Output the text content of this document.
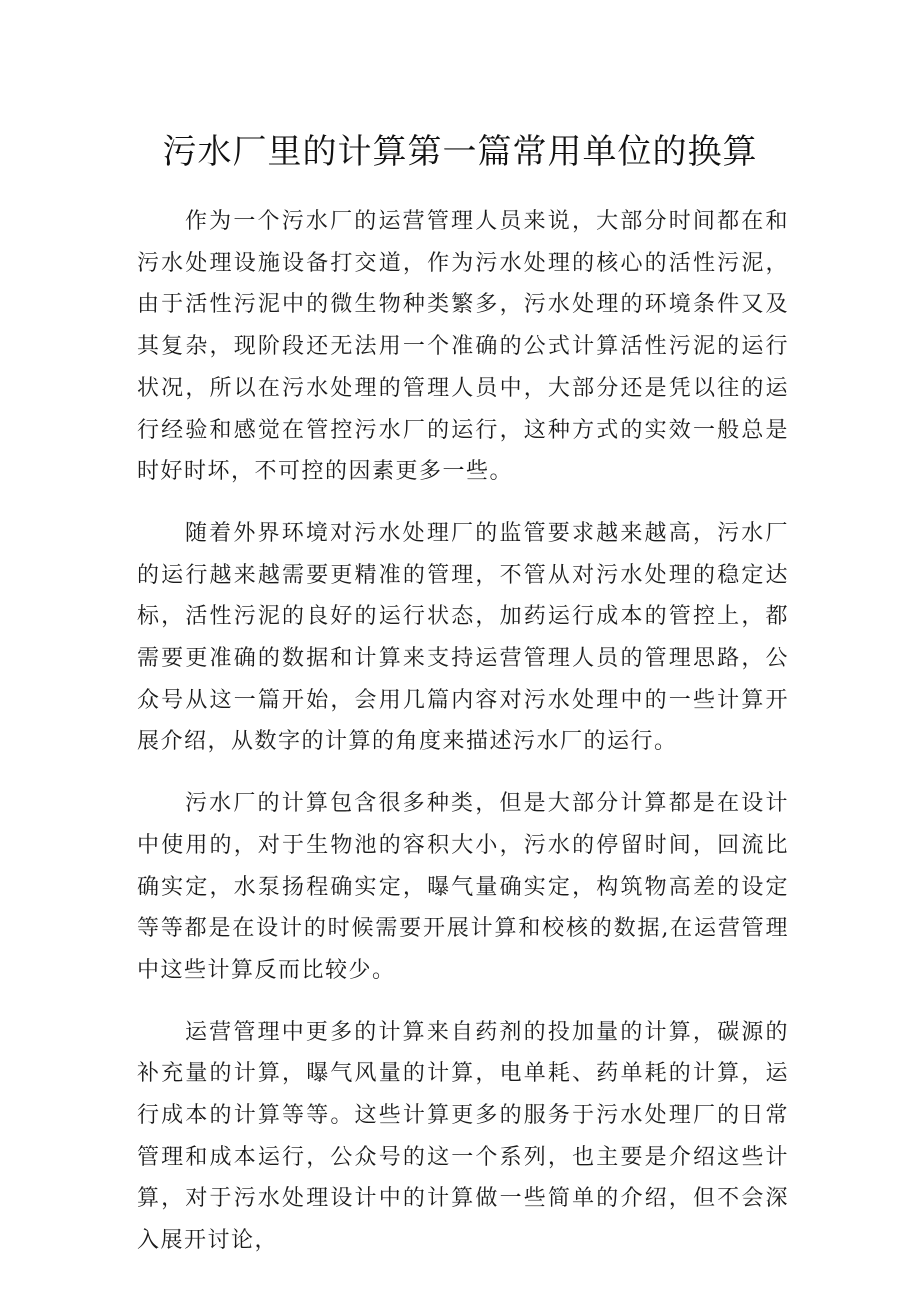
污水厂里的计算第一篇常用单位的换算

作为一个污水厂的运营管理人员来说，大部分时间都在和污水处理设施设备打交道，作为污水处理的核心的活性污泥，由于活性污泥中的微生物种类繁多，污水处理的环境条件又及其复杂，现阶段还无法用一个准确的公式计算活性污泥的运行状况，所以在污水处理的管理人员中，大部分还是凭以往的运行经验和感觉在管控污水厂的运行，这种方式的实效一般总是时好时坏，不可控的因素更多一些。

随着外界环境对污水处理厂的监管要求越来越高，污水厂的运行越来越需要更精准的管理，不管从对污水处理的稳定达标，活性污泥的良好的运行状态，加药运行成本的管控上，都需要更准确的数据和计算来支持运营管理人员的管理思路，公众号从这一篇开始，会用几篇内容对污水处理中的一些计算开展介绍，从数字的计算的角度来描述污水厂的运行。

污水厂的计算包含很多种类，但是大部分计算都是在设计中使用的，对于生物池的容积大小，污水的停留时间，回流比确实定，水泵扬程确实定，曝气量确实定，构筑物高差的设定等等都是在设计的时候需要开展计算和校核的数据,在运营管理中这些计算反而比较少。

运营管理中更多的计算来自药剂的投加量的计算，碳源的补充量的计算，曝气风量的计算，电单耗、药单耗的计算，运行成本的计算等等。这些计算更多的服务于污水处理厂的日常管理和成本运行，公众号的这一个系列，也主要是介绍这些计算，对于污水处理设计中的计算做一些简单的介绍，但不会深入展开讨论，
